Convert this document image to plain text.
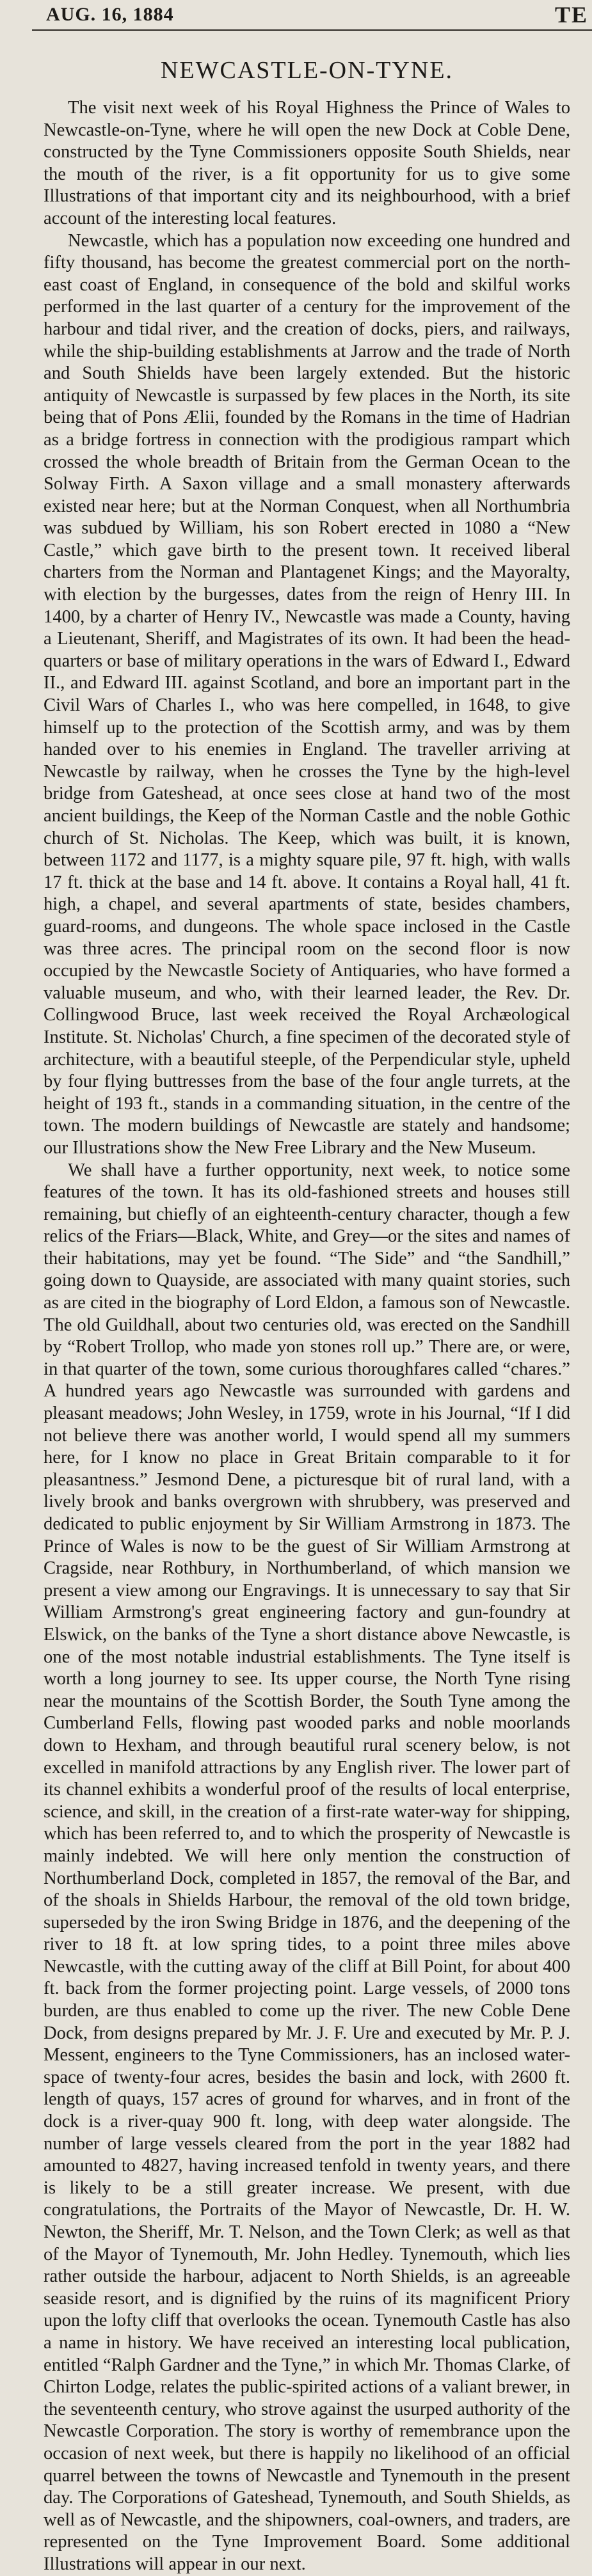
AUG. 16, 1884	TE
NEWCASTLE-ON-TYNE.

The visit next week of his Royal Highness the Prince of Wales to Newcastle-on-Tyne, where he will open the new Dock at Coble Dene, constructed by the Tyne Commissioners opposite South Shields, near the mouth of the river, is a fit opportunity for us to give some Illustrations of that important city and its neighbourhood, with a brief account of the interesting local features.

Newcastle, which has a population now exceeding one hundred and fifty thousand, has become the greatest commercial port on the north-east coast of England, in consequence of the bold and skilful works performed in the last quarter of a century for the improvement of the harbour and tidal river, and the creation of docks, piers, and railways, while the ship-building establishments at Jarrow and the trade of North and South Shields have been largely extended. But the historic antiquity of Newcastle is surpassed by few places in the North, its site being that of Pons Ælii, founded by the Romans in the time of Hadrian as a bridge fortress in connection with the prodigious rampart which crossed the whole breadth of Britain from the German Ocean to the Solway Firth. A Saxon village and a small monastery afterwards existed near here; but at the Norman Conquest, when all Northumbria was subdued by William, his son Robert erected in 1080 a “New Castle,” which gave birth to the present town. It received liberal charters from the Norman and Plantagenet Kings; and the Mayoralty, with election by the burgesses, dates from the reign of Henry III. In 1400, by a charter of Henry IV., Newcastle was made a County, having a Lieutenant, Sheriff, and Magistrates of its own. It had been the head-quarters or base of military operations in the wars of Edward I., Edward II., and Edward III. against Scotland, and bore an important part in the Civil Wars of Charles I., who was here compelled, in 1648, to give himself up to the protection of the Scottish army, and was by them handed over to his enemies in England. The traveller arriving at Newcastle by railway, when he crosses the Tyne by the high-level bridge from Gateshead, at once sees close at hand two of the most ancient buildings, the Keep of the Norman Castle and the noble Gothic church of St. Nicholas. The Keep, which was built, it is known, between 1172 and 1177, is a mighty square pile, 97 ft. high, with walls 17 ft. thick at the base and 14 ft. above. It contains a Royal hall, 41 ft. high, a chapel, and several apartments of state, besides chambers, guard-rooms, and dungeons. The whole space inclosed in the Castle was three acres. The principal room on the second floor is now occupied by the Newcastle Society of Antiquaries, who have formed a valuable museum, and who, with their learned leader, the Rev. Dr. Collingwood Bruce, last week received the Royal Archæological Institute. St. Nicholas' Church, a fine specimen of the decorated style of architecture, with a beautiful steeple, of the Perpendicular style, upheld by four flying buttresses from the base of the four angle turrets, at the height of 193 ft., stands in a commanding situation, in the centre of the town. The modern buildings of Newcastle are stately and handsome; our Illustrations show the New Free Library and the New Museum.

We shall have a further opportunity, next week, to notice some features of the town. It has its old-fashioned streets and houses still remaining, but chiefly of an eighteenth-century character, though a few relics of the Friars—Black, White, and Grey—or the sites and names of their habitations, may yet be found. “The Side” and “the Sandhill,” going down to Quayside, are associated with many quaint stories, such as are cited in the biography of Lord Eldon, a famous son of Newcastle. The old Guildhall, about two centuries old, was erected on the Sandhill by “Robert Trollop, who made yon stones roll up.” There are, or were, in that quarter of the town, some curious thoroughfares called “chares.” A hundred years ago Newcastle was surrounded with gardens and pleasant meadows; John Wesley, in 1759, wrote in his Journal, “If I did not believe there was another world, I would spend all my summers here, for I know no place in Great Britain comparable to it for pleasantness.” Jesmond Dene, a picturesque bit of rural land, with a lively brook and banks overgrown with shrubbery, was preserved and dedicated to public enjoyment by Sir William Armstrong in 1873. The Prince of Wales is now to be the guest of Sir William Armstrong at Cragside, near Rothbury, in Northumberland, of which mansion we present a view among our Engravings. It is unnecessary to say that Sir William Armstrong's great engineering factory and gun-foundry at Elswick, on the banks of the Tyne a short distance above Newcastle, is one of the most notable industrial establishments. The Tyne itself is worth a long journey to see. Its upper course, the North Tyne rising near the mountains of the Scottish Border, the South Tyne among the Cumberland Fells, flowing past wooded parks and noble moorlands down to Hexham, and through beautiful rural scenery below, is not excelled in manifold attractions by any English river. The lower part of its channel exhibits a wonderful proof of the results of local enterprise, science, and skill, in the creation of a first-rate water-way for shipping, which has been referred to, and to which the prosperity of Newcastle is mainly indebted. We will here only mention the construction of Northumberland Dock, completed in 1857, the removal of the Bar, and of the shoals in Shields Harbour, the removal of the old town bridge, superseded by the iron Swing Bridge in 1876, and the deepening of the river to 18 ft. at low spring tides, to a point three miles above Newcastle, with the cutting away of the cliff at Bill Point, for about 400 ft. back from the former projecting point. Large vessels, of 2000 tons burden, are thus enabled to come up the river. The new Coble Dene Dock, from designs prepared by Mr. J. F. Ure and executed by Mr. P. J. Messent, engineers to the Tyne Commissioners, has an inclosed water-space of twenty-four acres, besides the basin and lock, with 2600 ft. length of quays, 157 acres of ground for wharves, and in front of the dock is a river-quay 900 ft. long, with deep water alongside. The number of large vessels cleared from the port in the year 1882 had amounted to 4827, having increased tenfold in twenty years, and there is likely to be a still greater increase. We present, with due congratulations, the Portraits of the Mayor of Newcastle, Dr. H. W. Newton, the Sheriff, Mr. T. Nelson, and the Town Clerk; as well as that of the Mayor of Tynemouth, Mr. John Hedley. Tynemouth, which lies rather outside the harbour, adjacent to North Shields, is an agreeable seaside resort, and is dignified by the ruins of its magnificent Priory upon the lofty cliff that overlooks the ocean. Tynemouth Castle has also a name in history. We have received an interesting local publication, entitled “Ralph Gardner and the Tyne,” in which Mr. Thomas Clarke, of Chirton Lodge, relates the public-spirited actions of a valiant brewer, in the seventeenth century, who strove against the usurped authority of the Newcastle Corporation. The story is worthy of remembrance upon the occasion of next week, but there is happily no likelihood of an official quarrel between the towns of Newcastle and Tynemouth in the present day. The Corporations of Gateshead, Tynemouth, and South Shields, as well as of Newcastle, and the shipowners, coal-owners, and traders, are represented on the Tyne Improvement Board. Some additional Illustrations will appear in our next.
